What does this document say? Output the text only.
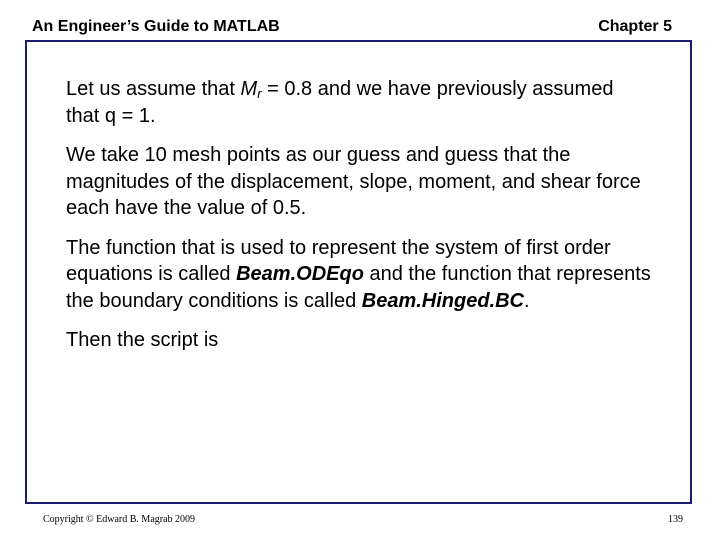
An Engineer’s Guide to MATLAB	Chapter 5

Let us assume that $M_r = 0.8$ and we have previously assumed that q = 1.

We take 10 mesh points as our guess and guess that the magnitudes of the displacement, slope, moment, and shear force each have the value of 0.5.

The function that is used to represent the system of first order equations is called Beam.ODEqo and the function that represents the boundary conditions is called Beam.Hinged.BC.

Then the script is

Copyright © Edward B. Magrab 2009	139
